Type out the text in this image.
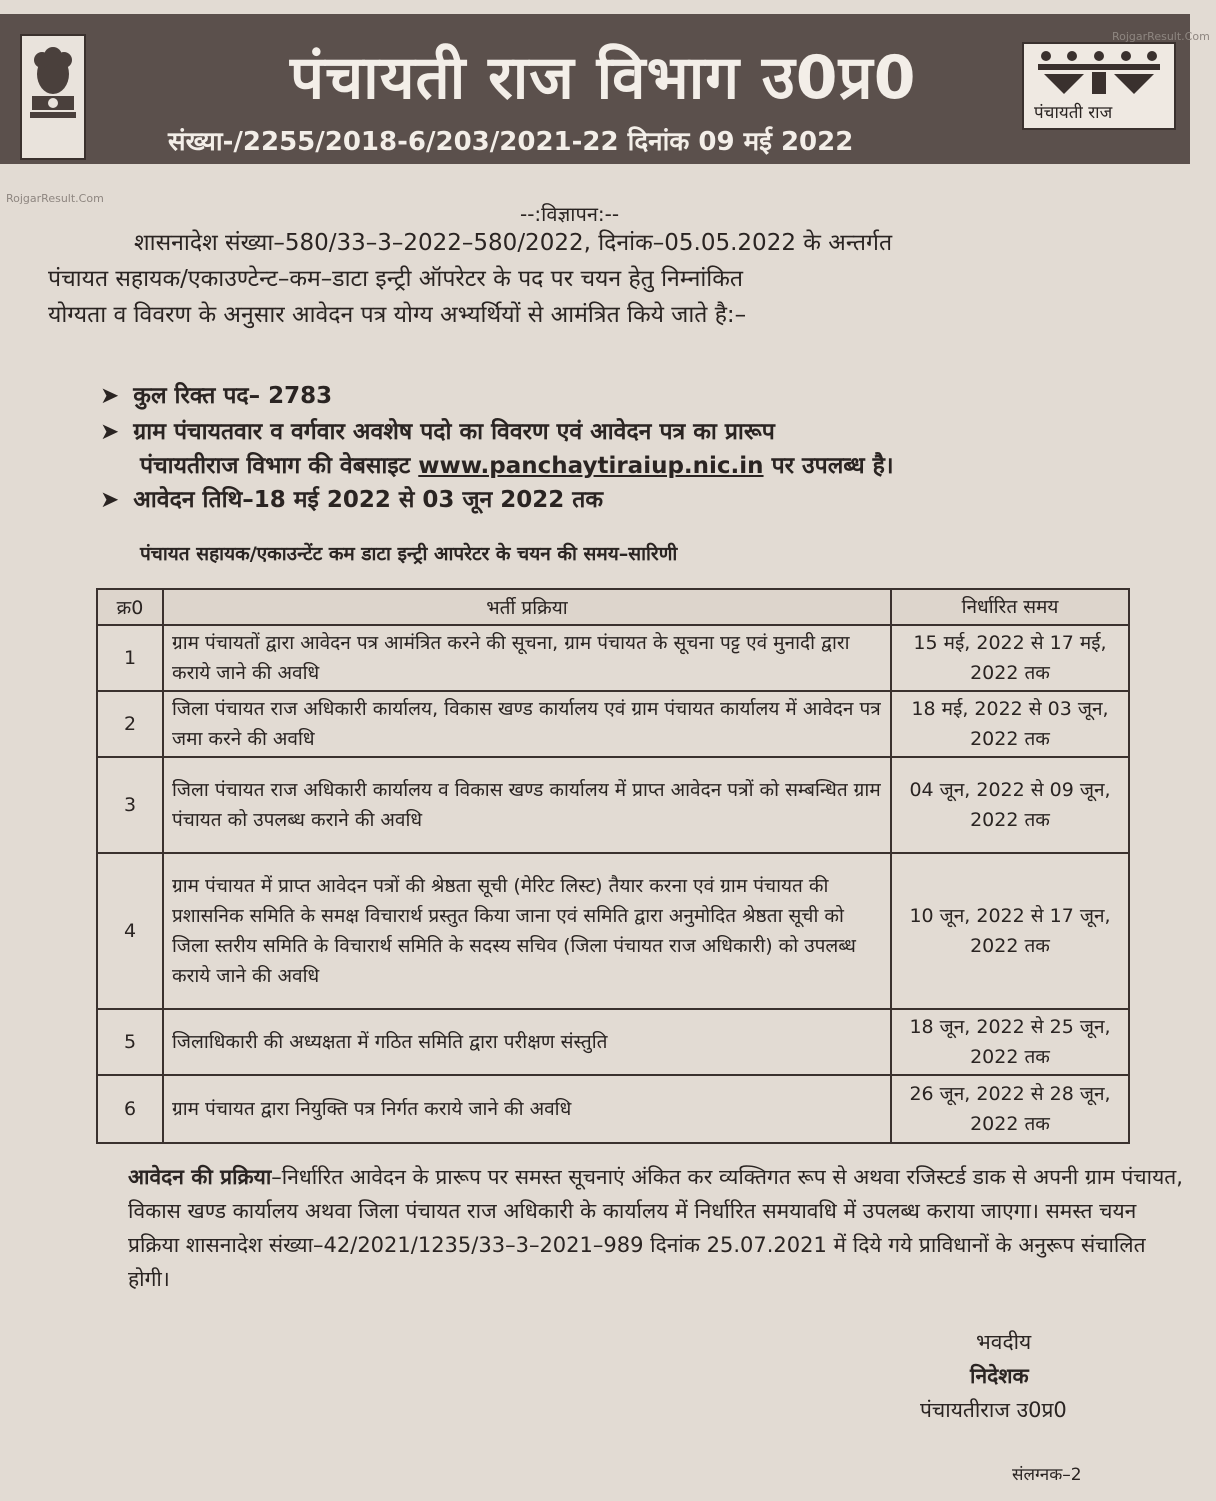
पंचायती राज विभाग उ0प्र0
संख्या-/2255/2018-6/203/2021-22 दिनांक 09 मई 2022
पंचायती राज
RojgarResult.Com
RojgarResult.Com
--:विज्ञापन:--
शासनादेश संख्या–580/33–3–2022–580/2022, दिनांक–05.05.2022 के अन्तर्गत
पंचायत सहायक/एकाउण्टेन्ट–कम–डाटा इन्ट्री ऑपरेटर के पद पर चयन हेतु निम्नांकित
योग्यता व विवरण के अनुसार आवेदन पत्र योग्य अभ्यर्थियों से आमंत्रित किये जाते है:–
➤ कुल रिक्त पद– 2783
➤ ग्राम पंचायतवार व वर्गवार अवशेष पदो का विवरण एवं आवेदन पत्र का प्रारूप
पंचायतीराज विभाग की वेबसाइट www.panchaytiraiup.nic.in पर उपलब्ध है।
➤ आवेदन तिथि–18 मई 2022 से 03 जून 2022 तक
पंचायत सहायक/एकाउन्टेंट कम डाटा इन्ट्री आपरेटर के चयन की समय–सारिणी
क्र0	भर्ती प्रक्रिया	निर्धारित समय
1	ग्राम पंचायतों द्वारा आवेदन पत्र आमंत्रित करने की सूचना, ग्राम पंचायत के सूचना पट्ट एवं मुनादी द्वारा कराये जाने की अवधि	15 मई, 2022 से 17 मई, 2022 तक
2	जिला पंचायत राज अधिकारी कार्यालय, विकास खण्ड कार्यालय एवं ग्राम पंचायत कार्यालय में आवेदन पत्र जमा करने की अवधि	18 मई, 2022 से 03 जून, 2022 तक
3	जिला पंचायत राज अधिकारी कार्यालय व विकास खण्ड कार्यालय में प्राप्त आवेदन पत्रों को सम्बन्धित ग्राम पंचायत को उपलब्ध कराने की अवधि	04 जून, 2022 से 09 जून, 2022 तक
4	ग्राम पंचायत में प्राप्त आवेदन पत्रों की श्रेष्ठता सूची (मेरिट लिस्ट) तैयार करना एवं ग्राम पंचायत की प्रशासनिक समिति के समक्ष विचारार्थ प्रस्तुत किया जाना एवं समिति द्वारा अनुमोदित श्रेष्ठता सूची को जिला स्तरीय समिति के विचारार्थ समिति के सदस्य सचिव (जिला पंचायत राज अधिकारी) को उपलब्ध कराये जाने की अवधि	10 जून, 2022 से 17 जून, 2022 तक
5	जिलाधिकारी की अध्यक्षता में गठित समिति द्वारा परीक्षण संस्तुति	18 जून, 2022 से 25 जून, 2022 तक
6	ग्राम पंचायत द्वारा नियुक्ति पत्र निर्गत कराये जाने की अवधि	26 जून, 2022 से 28 जून, 2022 तक
आवेदन की प्रक्रिया–निर्धारित आवेदन के प्रारूप पर समस्त सूचनाएं अंकित कर व्यक्तिगत रूप से अथवा रजिस्टर्ड डाक से अपनी ग्राम पंचायत, विकास खण्ड कार्यालय अथवा जिला पंचायत राज अधिकारी के कार्यालय में निर्धारित समयावधि में उपलब्ध कराया जाएगा। समस्त चयन प्रक्रिया शासनादेश संख्या–42/2021/1235/33–3–2021–989 दिनांक 25.07.2021 में दिये गये प्राविधानों के अनुरूप संचालित होगी।
भवदीय
निदेशक
पंचायतीराज उ0प्र0
संलग्नक–2
